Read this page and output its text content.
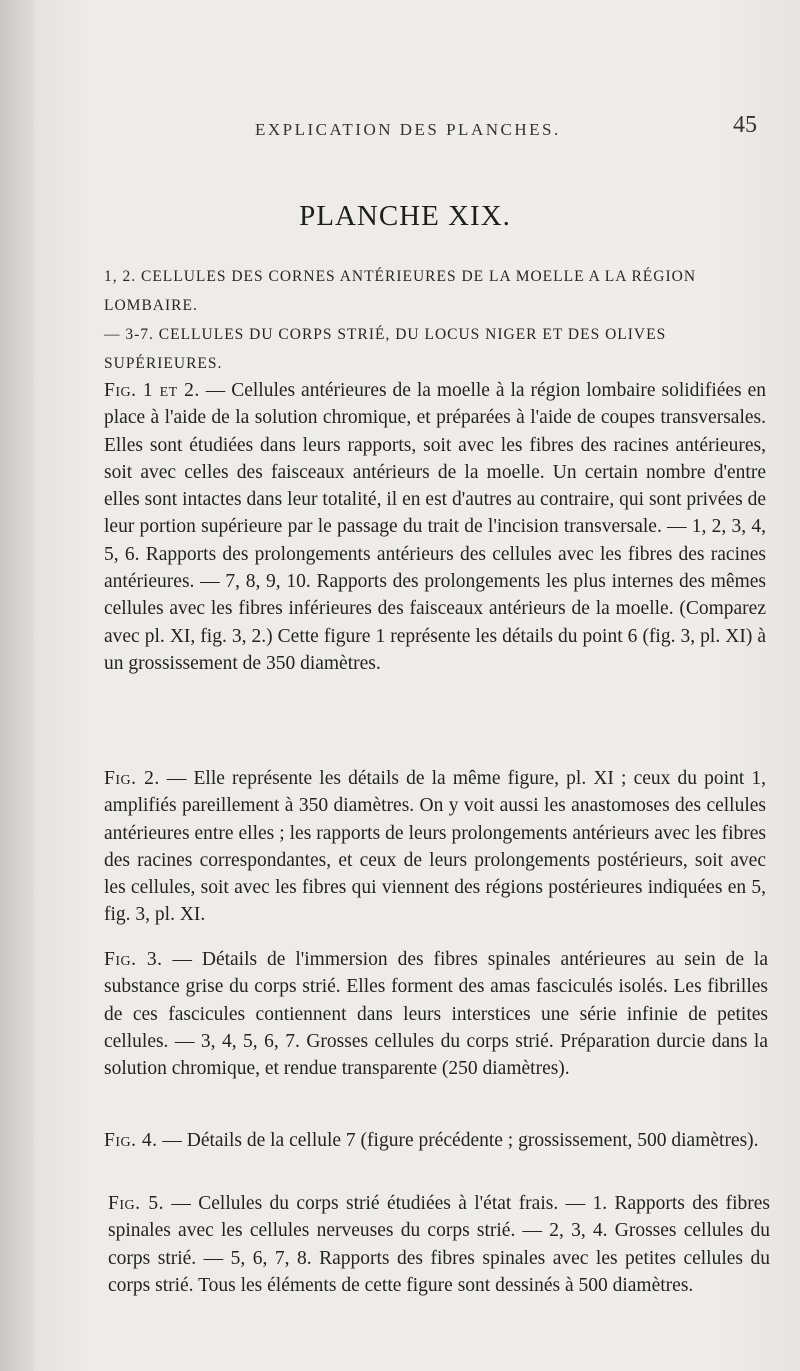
EXPLICATION DES PLANCHES.	45
PLANCHE XIX.

1, 2. CELLULES DES CORNES ANTÉRIEURES DE LA MOELLE A LA RÉGION LOMBAIRE.

— 3-7. CELLULES DU CORPS STRIÉ, DU LOCUS NIGER ET DES OLIVES SUPÉRIEURES.

Fig. 1 et 2. — Cellules antérieures de la moelle à la région lombaire solidifiées en place à l'aide de la solution chromique, et préparées à l'aide de coupes transversales. Elles sont étudiées dans leurs rapports, soit avec les fibres des racines antérieures, soit avec celles des faisceaux antérieurs de la moelle. Un certain nombre d'entre elles sont intactes dans leur totalité, il en est d'autres au contraire, qui sont privées de leur portion supérieure par le passage du trait de l'incision transversale. — 1, 2, 3, 4, 5, 6. Rapports des prolongements antérieurs des cellules avec les fibres des racines antérieures. — 7, 8, 9, 10. Rapports des prolongements les plus internes des mêmes cellules avec les fibres inférieures des faisceaux antérieurs de la moelle. (Comparez avec pl. XI, fig. 3, 2.) Cette figure 1 représente les détails du point 6 (fig. 3, pl. XI) à un grossissement de 350 diamètres.

Fig. 2. — Elle représente les détails de la même figure, pl. XI ; ceux du point 1, amplifiés pareillement à 350 diamètres. On y voit aussi les anastomoses des cellules antérieures entre elles ; les rapports de leurs prolongements antérieurs avec les fibres des racines correspondantes, et ceux de leurs prolongements postérieurs, soit avec les cellules, soit avec les fibres qui viennent des régions postérieures indiquées en 5, fig. 3, pl. XI.

Fig. 3. — Détails de l'immersion des fibres spinales antérieures au sein de la substance grise du corps strié. Elles forment des amas fasciculés isolés. Les fibrilles de ces fascicules contiennent dans leurs interstices une série infinie de petites cellules. — 3, 4, 5, 6, 7. Grosses cellules du corps strié. Préparation durcie dans la solution chromique, et rendue transparente (250 diamètres).

Fig. 4. — Détails de la cellule 7 (figure précédente ; grossissement, 500 diamètres).

Fig. 5. — Cellules du corps strié étudiées à l'état frais. — 1. Rapports des fibres spinales avec les cellules nerveuses du corps strié. — 2, 3, 4. Grosses cellules du corps strié. — 5, 6, 7, 8. Rapports des fibres spinales avec les petites cellules du corps strié. Tous les éléments de cette figure sont dessinés à 500 diamètres.
